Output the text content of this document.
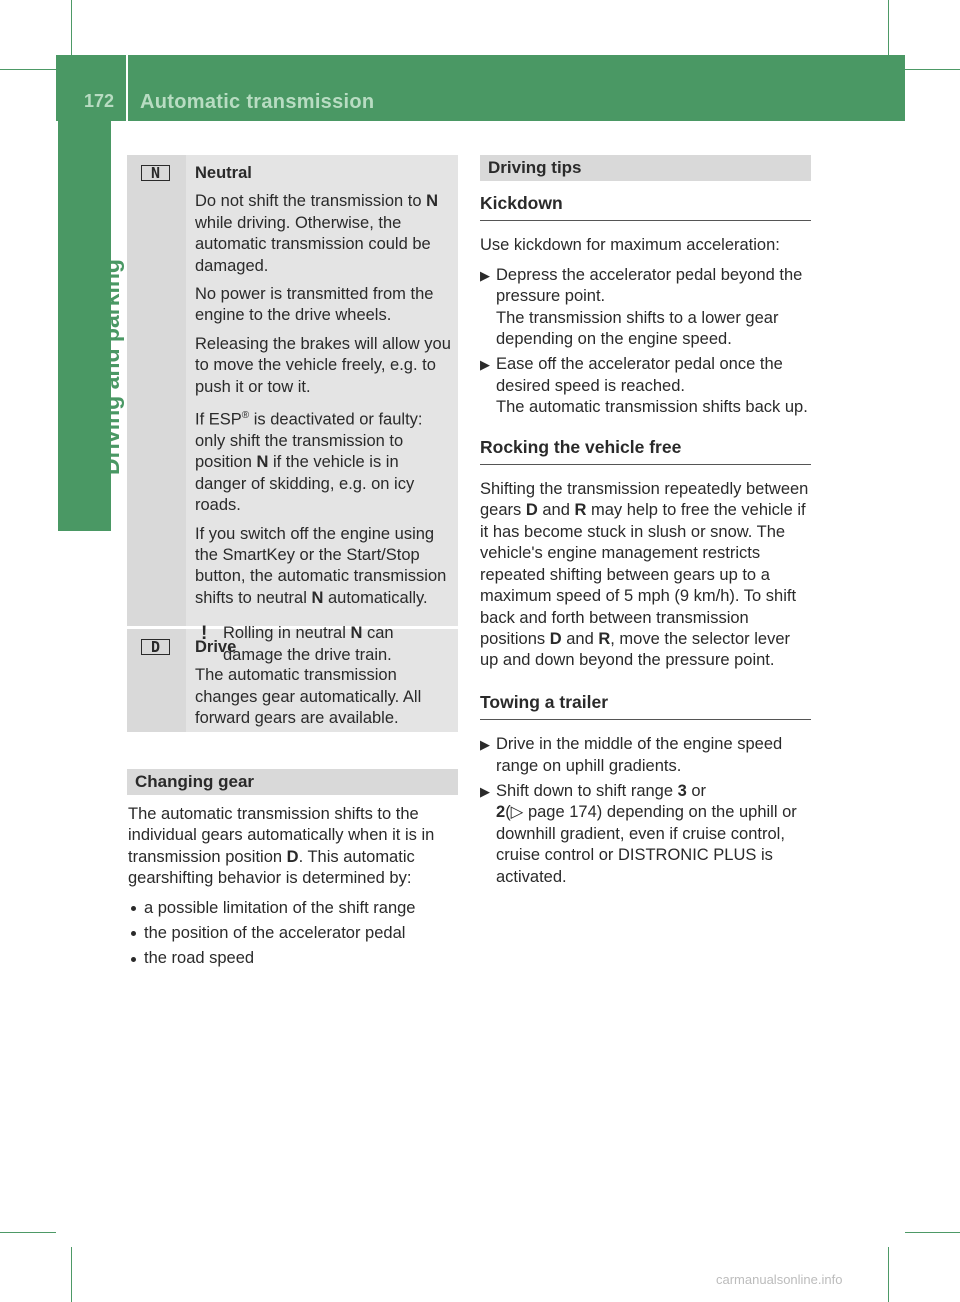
172 Automatic transmission
Driving and parking
N	Neutral

Do not shift the transmission to N while driving. Otherwise, the automatic transmission could be damaged.

No power is transmitted from the engine to the drive wheels.

Releasing the brakes will allow you to move the vehicle freely, e.g. to push it or tow it.

If ESP® is deactivated or faulty: only shift the transmission to position N if the vehicle is in danger of skidding, e.g. on icy roads.

If you switch off the engine using the SmartKey or the Start/Stop button, the automatic transmission shifts to neutral N automatically.

! Rolling in neutral N can damage the drive train.
D	Drive

The automatic transmission changes gear automatically. All forward gears are available.

Changing gear

The automatic transmission shifts to the individual gears automatically when it is in transmission position D. This automatic gearshifting behavior is determined by:

a possible limitation of the shift range
the position of the accelerator pedal
the road speed
Driving tips
Kickdown

Use kickdown for maximum acceleration:

▶ Depress the accelerator pedal beyond the pressure point.
The transmission shifts to a lower gear depending on the engine speed.
▶ Ease off the accelerator pedal once the desired speed is reached.
The automatic transmission shifts back up.
Rocking the vehicle free

Shifting the transmission repeatedly between gears D and R may help to free the vehicle if it has become stuck in slush or snow. The vehicle's engine management restricts repeated shifting between gears up to a maximum speed of 5 mph (9 km/h). To shift back and forth between transmission positions D and R, move the selector lever up and down beyond the pressure point.

Towing a trailer
▶ Drive in the middle of the engine speed range on uphill gradients.
▶ Shift down to shift range 3 or
2(▷ page 174) depending on the uphill or downhill gradient, even if cruise control, cruise control or DISTRONIC PLUS is activated.
carmanualsonline.info
